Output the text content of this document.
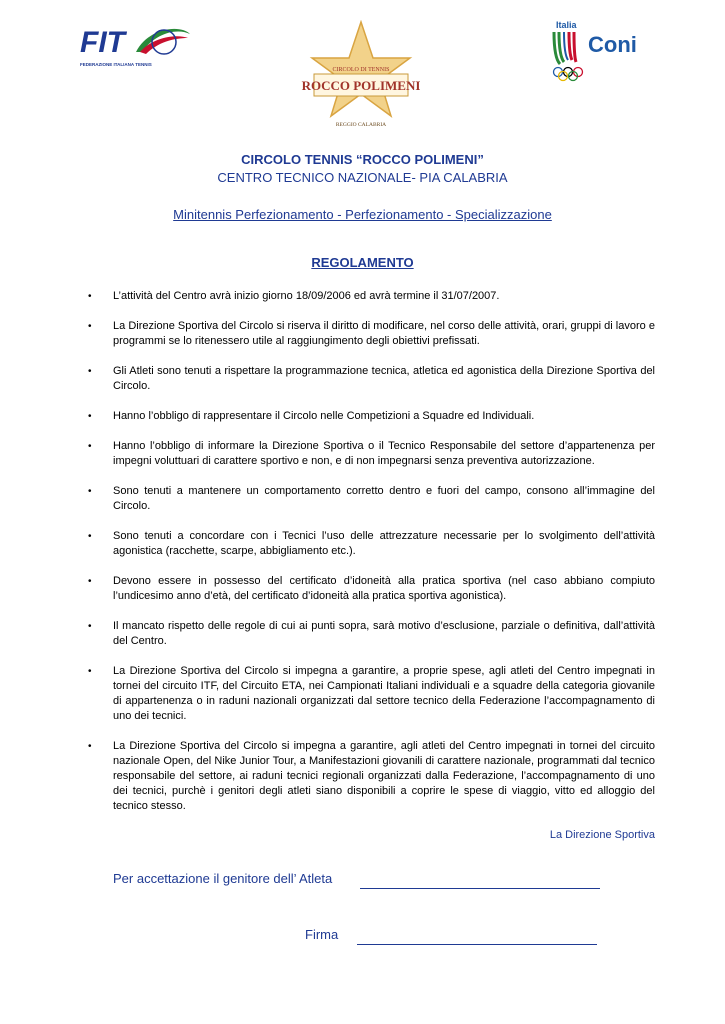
FIT
FEDERAZIONE ITALIANA TENNIS
CIRCOLO DI TENNIS
ROCCO POLIMENI
REGGIO CALABRIA
Italia
Coni
CIRCOLO TENNIS “ROCCO POLIMENI”
CENTRO TECNICO NAZIONALE- PIA CALABRIA
Minitennis Perfezionamento - Perfezionamento - Specializzazione
REGOLAMENTO
• L’attività del Centro avrà inizio giorno 18/09/2006 ed avrà termine il 31/07/2007.
• La Direzione Sportiva del Circolo si riserva il diritto di modificare, nel corso delle attività, orari, gruppi di lavoro e programmi se lo ritenessero utile al raggiungimento degli obiettivi prefissati.
• Gli Atleti sono tenuti a rispettare la programmazione tecnica, atletica ed agonistica della Direzione Sportiva del Circolo.
• Hanno l’obbligo di rappresentare il Circolo nelle Competizioni a Squadre ed Individuali.
• Hanno l’obbligo di informare la Direzione Sportiva o il Tecnico Responsabile del settore d’appartenenza per impegni voluttuari di carattere sportivo e non, e di non impegnarsi senza preventiva autorizzazione.
• Sono tenuti a mantenere un comportamento corretto dentro e fuori del campo, consono all’immagine del Circolo.
• Sono tenuti a concordare con i Tecnici l’uso delle attrezzature necessarie per lo svolgimento dell’attività agonistica (racchette, scarpe, abbigliamento etc.).
• Devono essere in possesso del certificato d’idoneità alla pratica sportiva (nel caso abbiano compiuto l’undicesimo anno d’età, del certificato d’idoneità alla pratica sportiva agonistica).
• Il mancato rispetto delle regole di cui ai punti sopra, sarà motivo d’esclusione, parziale o definitiva, dall’attività del Centro.
• La Direzione Sportiva del Circolo si impegna a garantire, a proprie spese, agli atleti del Centro impegnati in tornei del circuito ITF, del Circuito ETA, nei Campionati Italiani individuali e a squadre della categoria giovanile di appartenenza o in raduni nazionali organizzati dal settore tecnico della Federazione l’accompagnamento di uno dei tecnici.
• La Direzione Sportiva del Circolo si impegna a garantire, agli atleti del Centro impegnati in tornei del circuito nazionale Open, del Nike Junior Tour, a Manifestazioni giovanili di carattere nazionale, programmati dal tecnico responsabile del settore, ai raduni tecnici regionali organizzati dalla Federazione, l’accompagnamento di uno dei tecnici, purchè i genitori degli atleti siano disponibili a coprire le spese di viaggio, vitto ed alloggio del tecnico stesso.
La Direzione Sportiva
Per accettazione il genitore dell’ Atleta
Firma
